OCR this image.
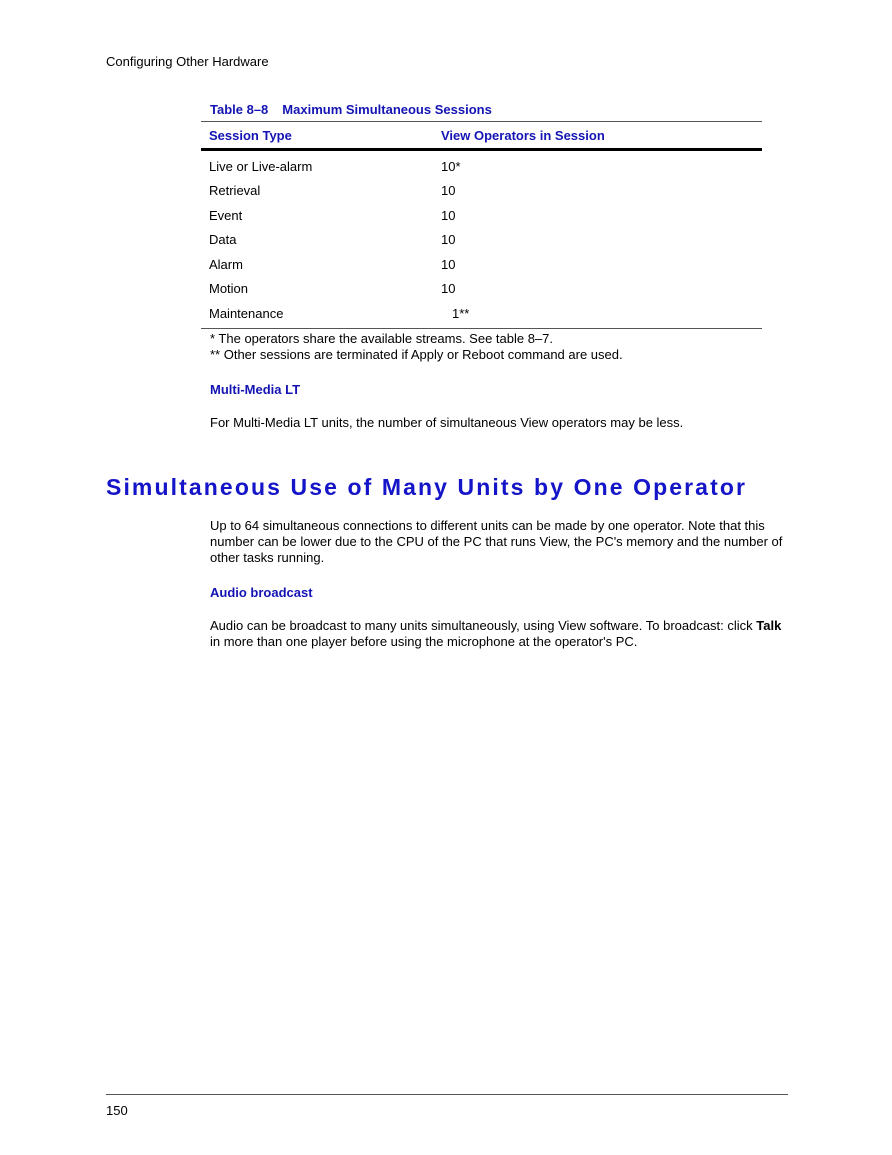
Configuring Other Hardware
Table 8–8 Maximum Simultaneous Sessions
Session Type	View Operators in Session
Live or Live-alarm	10*
Retrieval	10
Event	10
Data	10
Alarm	10
Motion	10
Maintenance	1**
* The operators share the available streams. See table 8–7.
** Other sessions are terminated if Apply or Reboot command are used.
Multi-Media LT
For Multi-Media LT units, the number of simultaneous View operators may be less.
Simultaneous Use of Many Units by One Operator
Up to 64 simultaneous connections to different units can be made by one operator. Note that this number can be lower due to the CPU of the PC that runs View, the PC's memory and the number of other tasks running.
Audio broadcast
Audio can be broadcast to many units simultaneously, using View software. To broadcast: click Talk in more than one player before using the microphone at the operator's PC.
150
